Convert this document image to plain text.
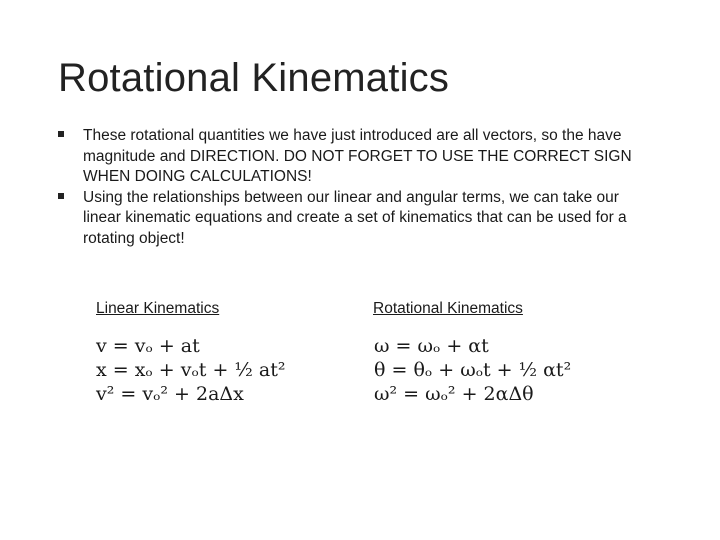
Rotational Kinematics
These rotational quantities we have just introduced are all vectors, so the have magnitude and DIRECTION. DO NOT FORGET TO USE THE CORRECT SIGN WHEN DOING CALCULATIONS!
Using the relationships between our linear and angular terms, we can take our linear kinematic equations and create a set of kinematics that can be used for a rotating object!
Linear Kinematics	Rotational Kinematics
v = vₒ + at
x = xₒ + vₒt + ½ at²
v² = vₒ² + 2aΔx
ω = ωₒ + αt
θ = θₒ + ωₒt + ½ αt²
ω² = ωₒ² + 2αΔθ
